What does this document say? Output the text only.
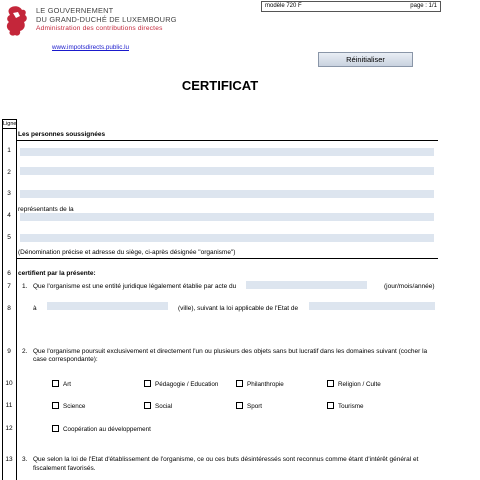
LE GOUVERNEMENT
DU GRAND-DUCHÉ DE LUXEMBOURG
Administration des contributions directes
www.impotsdirects.public.lu
modèle 720 F	page : 1/1
Réinitialiser
CERTIFICAT
Ligne
Les personnes soussignées
1
2
3
représentants de la
4
5
(Dénomination précise et adresse du siège, ci-après désignée "organisme")
6	certifient par la présente:
7	1. Que l'organisme est une entité juridique légalement établie par acte du	(jour/mois/année)
8	à	(ville), suivant la loi applicable de l'Etat de
9	2. Que l'organisme poursuit exclusivement et directement l'un ou plusieurs des objets sans but lucratif dans les domaines suivant (cocher la
case correspondante):
10	Art	Pédagogie / Education	Philanthropie	Religion / Culte
11	Science	Social	Sport	Tourisme
12	Coopération au développement
13	3. Que selon la loi de l'Etat d'établissement de l'organisme, ce ou ces buts désintéressés sont reconnus comme étant d'intérêt général et
fiscalement favorisés.
